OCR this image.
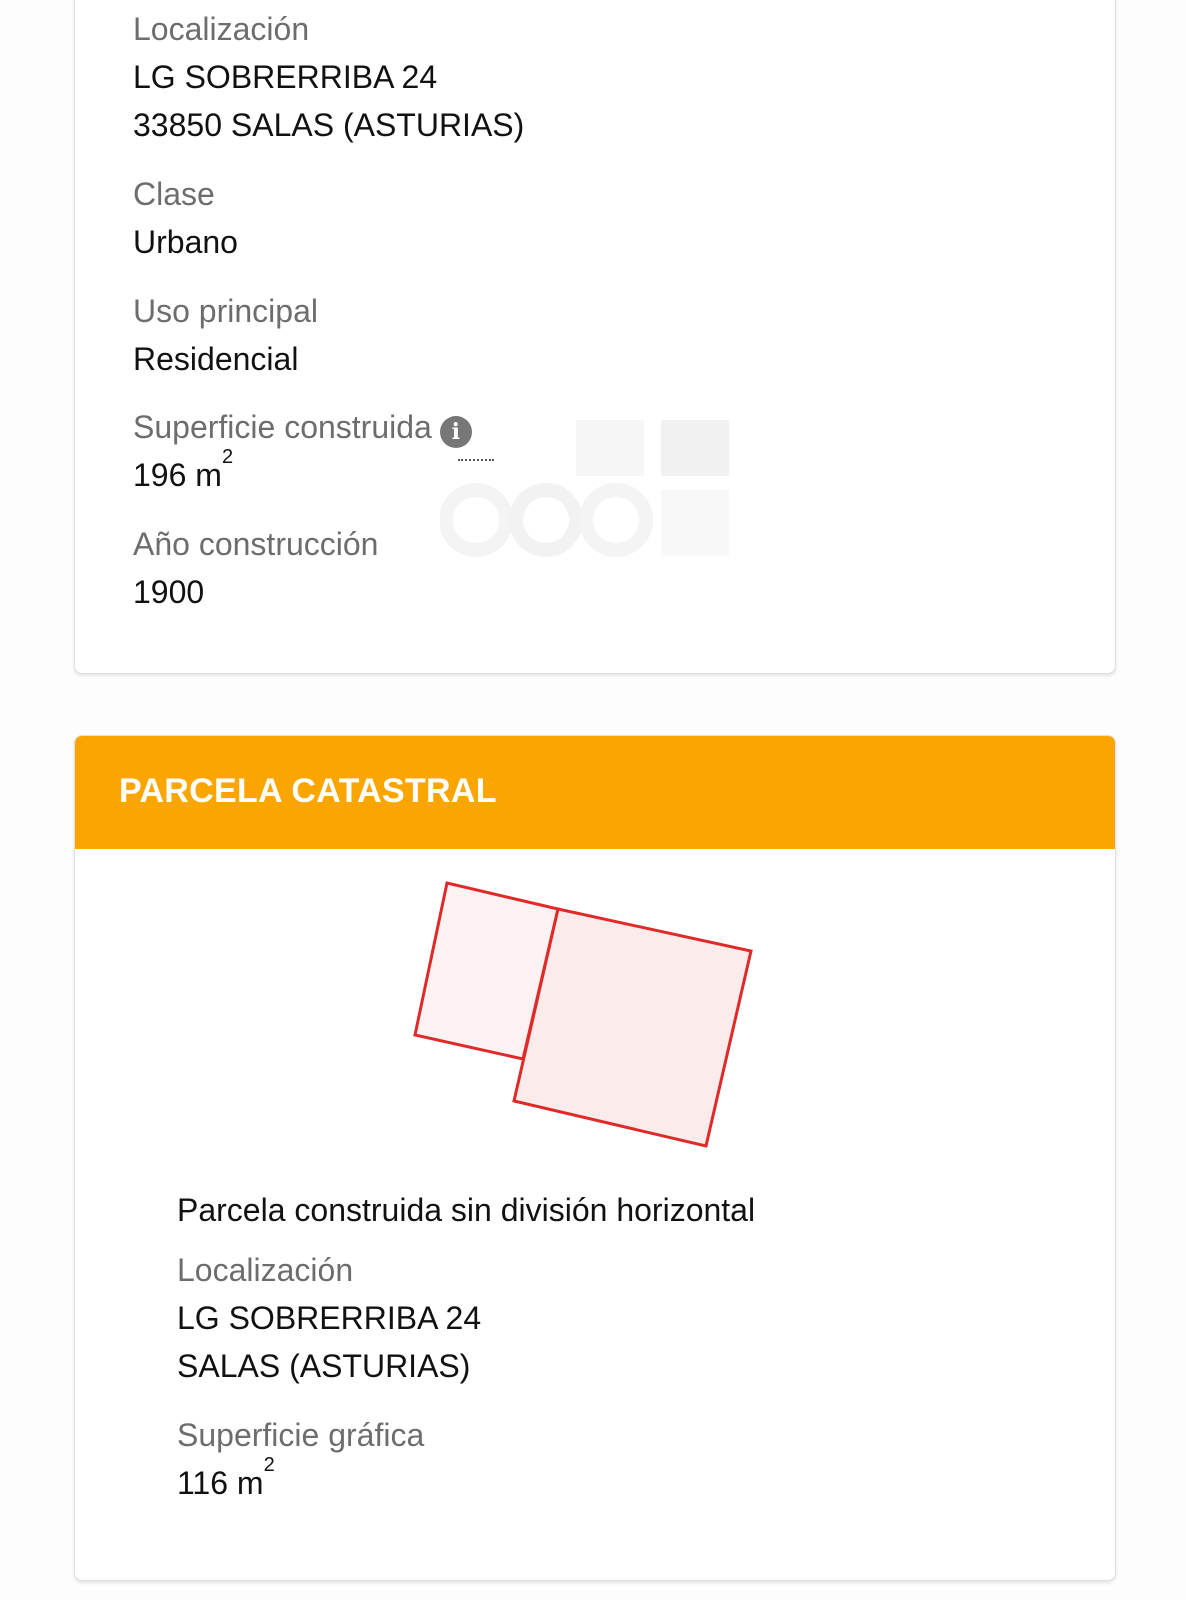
Localización
LG SOBRERRIBA 24
33850 SALAS (ASTURIAS)
Clase
Urbano
Uso principal
Residencial
Superficie construida i
196 $m^2$
Año construcción
1900
PARCELA CATASTRAL
Parcela construida sin división horizontal
Localización
LG SOBRERRIBA 24
SALAS (ASTURIAS)
Superficie gráfica
116 $m^2$
